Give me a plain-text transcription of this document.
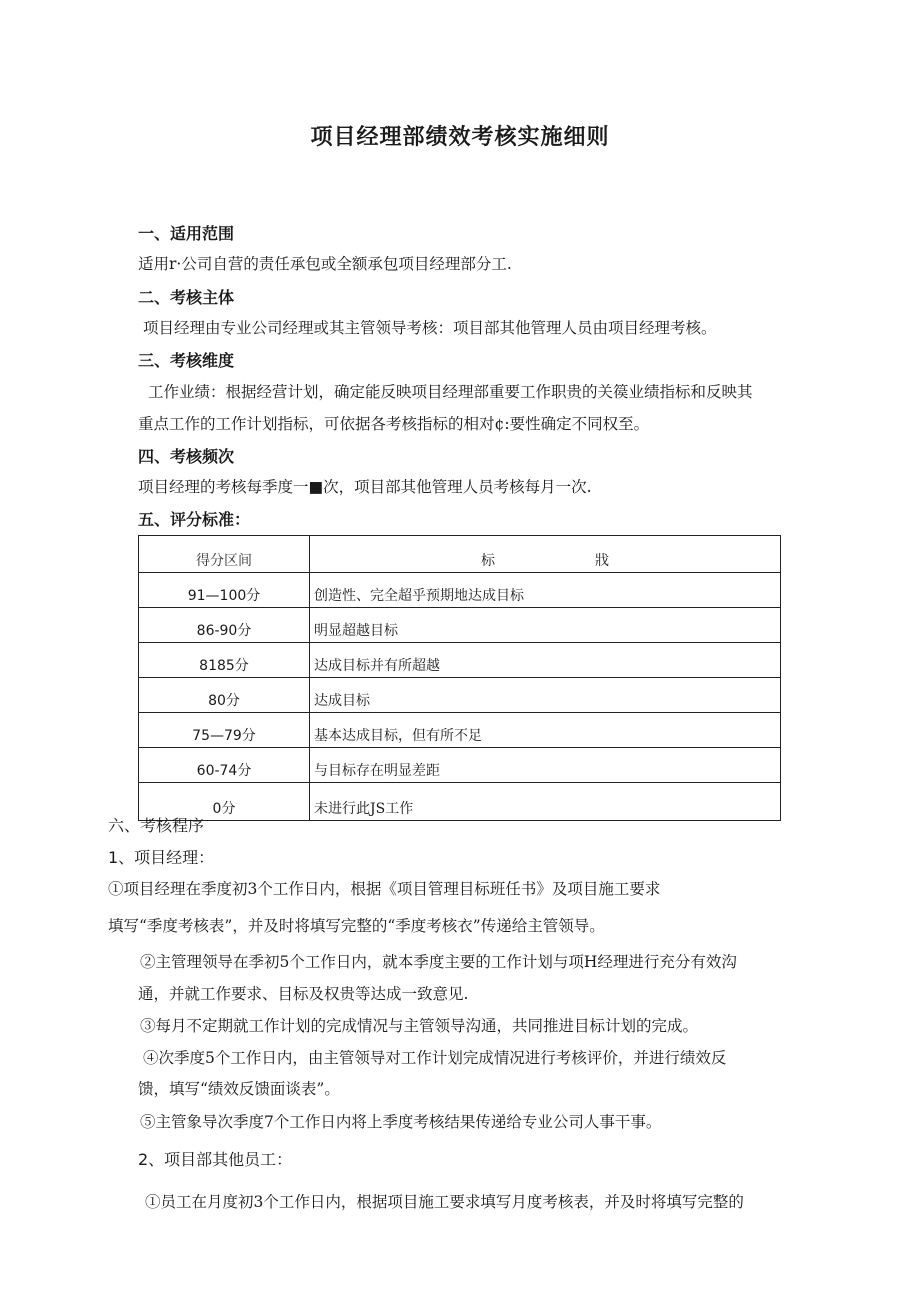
项目经理部绩效考核实施细则
一、适用范围
适用r·公司自营的责任承包或全额承包项目经理部分工.
二、考核主体
项目经理由专业公司经理或其主管领导考核：项目部其他管理人员由项目经理考核。
三、考核维度
工作业绩：根据经营计划，确定能反映项目经理部重要工作职贵的关篌业绩指标和反映其
重点工作的工作计划指标，可依据各考核指标的相对¢:要性确定不同权至。
四、考核频次
项目经理的考核每季度一■次，项目部其他管理人员考核每月一次.
五、评分标准：
得分区间	标 戕
91—100分	创造性、完全超乎预期地达成目标
86-90分	明显超越目标
8185分	达成目标并有所超越
80分	达成目标
75—79分	基本达成目标，但有所不足
60-74分	与目标存在明显差距
0分	未进行此JS工作
六、考核程序
1、项目经理：
①项目经理在季度初3个工作日内，根据《项目管理目标班任书》及项目施工要求
填写“季度考核表”，并及时将填写完整的“季度考核衣”传递给主管领导。
②主管理领导在季初5个工作日内，就本季度主要的工作计划与项H经理进行充分有效沟
通，并就工作要求、目标及权贵等达成一致意见.
③每月不定期就工作计划的完成情况与主管领导沟通，共同推进目标计划的完成。
④次季度5个工作日内，由主管领导对工作计划完成情况进行考核评价，并进行绩效反
馈，填写“绩效反馈面谈表”。
⑤主管象导次季度7个工作日内将上季度考核结果传递给专业公司人事干事。
2、项目部其他员工：
①员工在月度初3个工作日内，根据项目施工要求填写月度考核表，并及时将填写完整的
